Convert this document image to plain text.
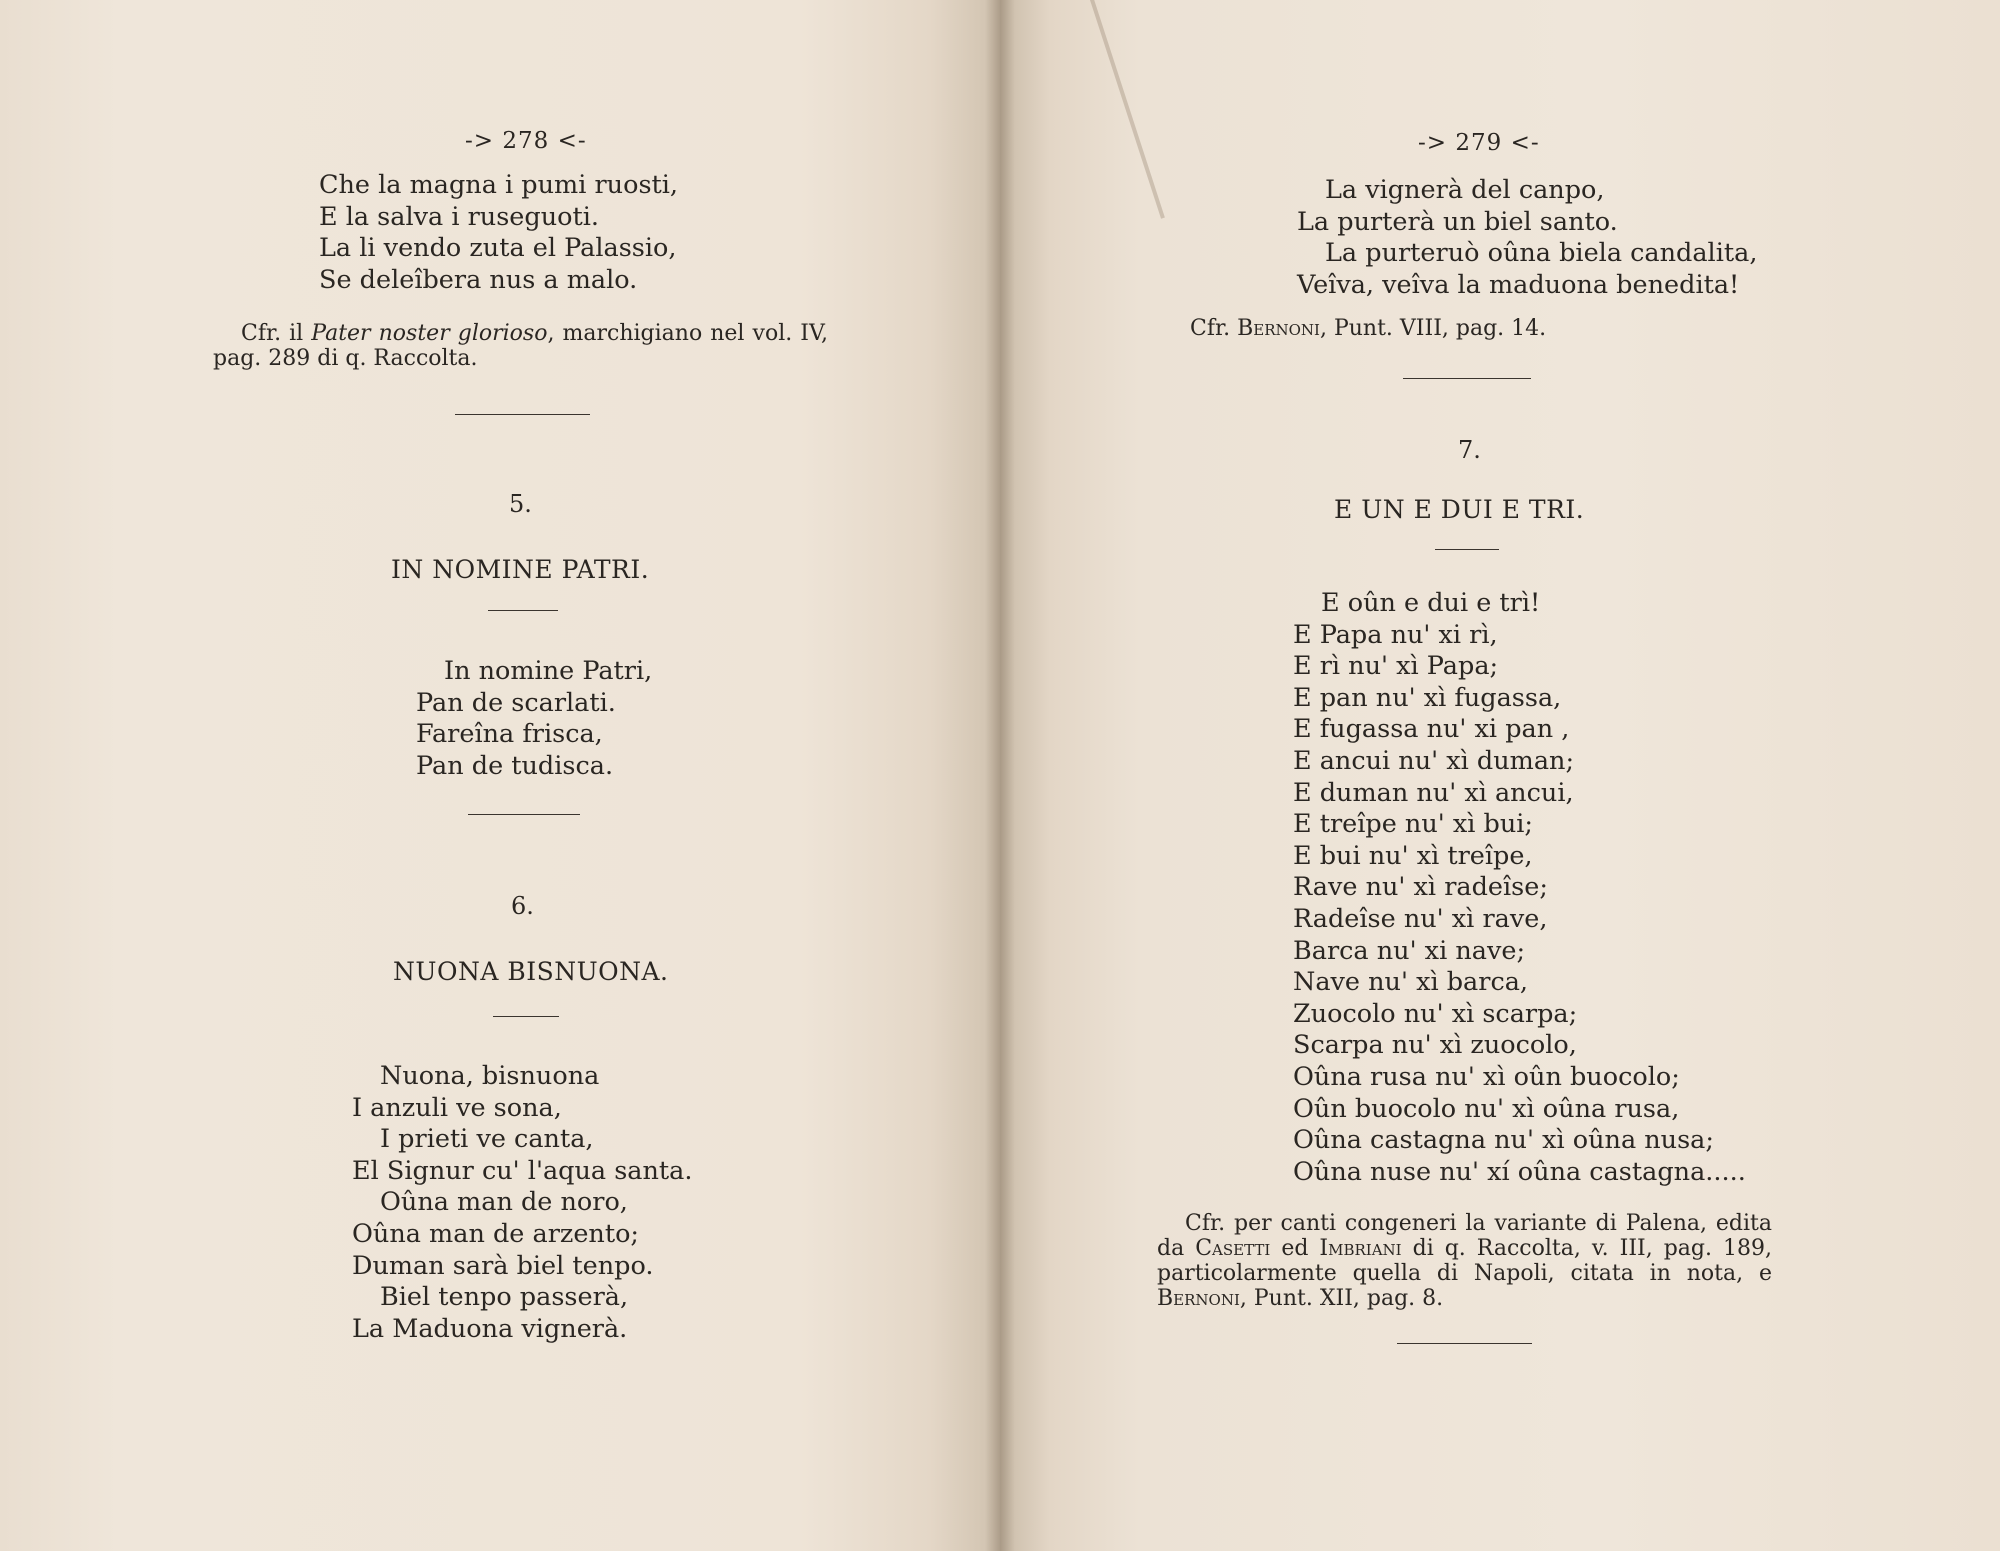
-> 278 <-
Che la magna i pumi ruosti,
E la salva i ruseguoti.
La li vendo zuta el Palassio,
Se deleîbera nus a malo.

Cfr. il Pater noster glorioso, marchigiano nel vol. IV, pag. 289 di q. Raccolta.

5.
IN NOMINE PATRI.
In nomine Patri,
Pan de scarlati.
Fareîna frisca,
Pan de tudisca.
6.
NUONA BISNUONA.
Nuona, bisnuona
I anzuli ve sona,
I prieti ve canta,
El Signur cu' l'aqua santa.
Oûna man de noro,
Oûna man de arzento;
Duman sarà biel tenpo.
Biel tenpo passerà,
La Maduona vignerà.
-> 279 <-
La vignerà del canpo,
La purterà un biel santo.
La purteruò oûna biela candalita,
Veîva, veîva la maduona benedita!

Cfr. Bernoni, Punt. VIII, pag. 14.

7.
E UN E DUI E TRI.
E oûn e dui e trì!
E Papa nu' xi rì,
E rì nu' xì Papa;
E pan nu' xì fugassa,
E fugassa nu' xi pan ,
E ancui nu' xì duman;
E duman nu' xì ancui,
E treîpe nu' xì bui;
E bui nu' xì treîpe,
Rave nu' xì radeîse;
Radeîse nu' xì rave,
Barca nu' xi nave;
Nave nu' xì barca,
Zuocolo nu' xì scarpa;
Scarpa nu' xì zuocolo,
Oûna rusa nu' xì oûn buocolo;
Oûn buocolo nu' xì oûna rusa,
Oûna castagna nu' xì oûna nusa;
Oûna nuse nu' xí oûna castagna.....

Cfr. per canti congeneri la variante di Palena, edita da Casetti ed Imbriani di q. Raccolta, v. III, pag. 189, particolarmente quella di Napoli, citata in nota, e Bernoni, Punt. XII, pag. 8.
